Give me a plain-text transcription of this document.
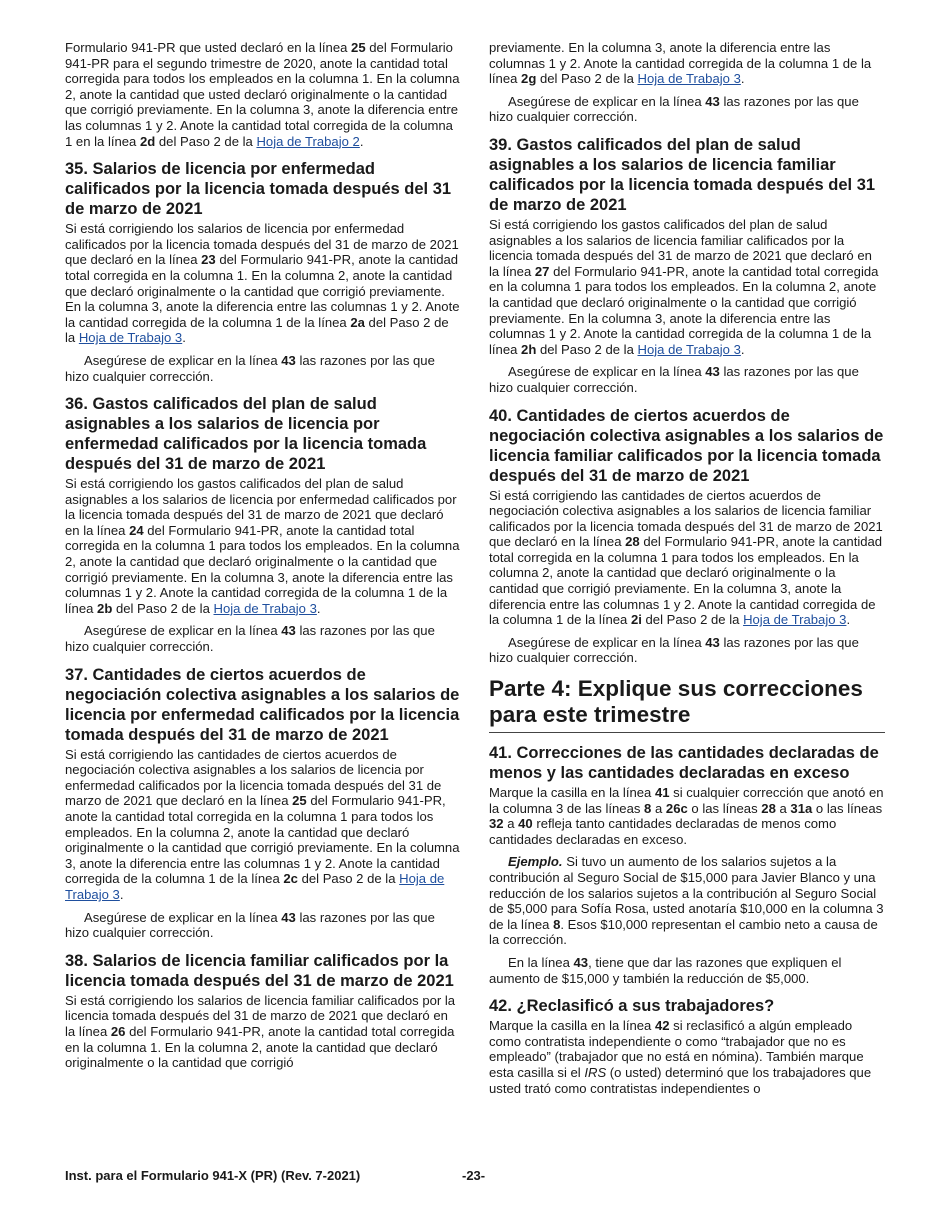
Formulario 941-PR que usted declaró en la línea 25 del Formulario 941-PR para el segundo trimestre de 2020, anote la cantidad total corregida para todos los empleados en la columna 1. En la columna 2, anote la cantidad que usted declaró originalmente o la cantidad que corrigió previamente. En la columna 3, anote la diferencia entre las columnas 1 y 2. Anote la cantidad total corregida de la columna 1 en la línea 2d del Paso 2 de la Hoja de Trabajo 2.

35. Salarios de licencia por enfermedad calificados por la licencia tomada después del 31 de marzo de 2021

Si está corrigiendo los salarios de licencia por enfermedad calificados por la licencia tomada después del 31 de marzo de 2021 que declaró en la línea 23 del Formulario 941-PR, anote la cantidad total corregida en la columna 1. En la columna 2, anote la cantidad que declaró originalmente o la cantidad que corrigió previamente. En la columna 3, anote la diferencia entre las columnas 1 y 2. Anote la cantidad corregida de la columna 1 de la línea 2a del Paso 2 de la Hoja de Trabajo 3.

Asegúrese de explicar en la línea 43 las razones por las que hizo cualquier corrección.

36. Gastos calificados del plan de salud asignables a los salarios de licencia por enfermedad calificados por la licencia tomada después del 31 de marzo de 2021

Si está corrigiendo los gastos calificados del plan de salud asignables a los salarios de licencia por enfermedad calificados por la licencia tomada después del 31 de marzo de 2021 que declaró en la línea 24 del Formulario 941-PR, anote la cantidad total corregida en la columna 1 para todos los empleados. En la columna 2, anote la cantidad que declaró originalmente o la cantidad que corrigió previamente. En la columna 3, anote la diferencia entre las columnas 1 y 2. Anote la cantidad corregida de la columna 1 de la línea 2b del Paso 2 de la Hoja de Trabajo 3.

Asegúrese de explicar en la línea 43 las razones por las que hizo cualquier corrección.

37. Cantidades de ciertos acuerdos de negociación colectiva asignables a los salarios de licencia por enfermedad calificados por la licencia tomada después del 31 de marzo de 2021

Si está corrigiendo las cantidades de ciertos acuerdos de negociación colectiva asignables a los salarios de licencia por enfermedad calificados por la licencia tomada después del 31 de marzo de 2021 que declaró en la línea 25 del Formulario 941-PR, anote la cantidad total corregida en la columna 1 para todos los empleados. En la columna 2, anote la cantidad que declaró originalmente o la cantidad que corrigió previamente. En la columna 3, anote la diferencia entre las columnas 1 y 2. Anote la cantidad corregida de la columna 1 de la línea 2c del Paso 2 de la Hoja de Trabajo 3.

Asegúrese de explicar en la línea 43 las razones por las que hizo cualquier corrección.

38. Salarios de licencia familiar calificados por la licencia tomada después del 31 de marzo de 2021

Si está corrigiendo los salarios de licencia familiar calificados por la licencia tomada después del 31 de marzo de 2021 que declaró en la línea 26 del Formulario 941-PR, anote la cantidad total corregida en la columna 1. En la columna 2, anote la cantidad que declaró originalmente o la cantidad que corrigió

previamente. En la columna 3, anote la diferencia entre las columnas 1 y 2. Anote la cantidad corregida de la columna 1 de la línea 2g del Paso 2 de la Hoja de Trabajo 3.

Asegúrese de explicar en la línea 43 las razones por las que hizo cualquier corrección.

39. Gastos calificados del plan de salud asignables a los salarios de licencia familiar calificados por la licencia tomada después del 31 de marzo de 2021

Si está corrigiendo los gastos calificados del plan de salud asignables a los salarios de licencia familiar calificados por la licencia tomada después del 31 de marzo de 2021 que declaró en la línea 27 del Formulario 941-PR, anote la cantidad total corregida en la columna 1 para todos los empleados. En la columna 2, anote la cantidad que declaró originalmente o la cantidad que corrigió previamente. En la columna 3, anote la diferencia entre las columnas 1 y 2. Anote la cantidad corregida de la columna 1 de la línea 2h del Paso 2 de la Hoja de Trabajo 3.

Asegúrese de explicar en la línea 43 las razones por las que hizo cualquier corrección.

40. Cantidades de ciertos acuerdos de negociación colectiva asignables a los salarios de licencia familiar calificados por la licencia tomada después del 31 de marzo de 2021

Si está corrigiendo las cantidades de ciertos acuerdos de negociación colectiva asignables a los salarios de licencia familiar calificados por la licencia tomada después del 31 de marzo de 2021 que declaró en la línea 28 del Formulario 941-PR, anote la cantidad total corregida en la columna 1 para todos los empleados. En la columna 2, anote la cantidad que declaró originalmente o la cantidad que corrigió previamente. En la columna 3, anote la diferencia entre las columnas 1 y 2. Anote la cantidad corregida de la columna 1 de la línea 2i del Paso 2 de la Hoja de Trabajo 3.

Asegúrese de explicar en la línea 43 las razones por las que hizo cualquier corrección.

Parte 4: Explique sus correcciones para este trimestre
41. Correcciones de las cantidades declaradas de menos y las cantidades declaradas en exceso

Marque la casilla en la línea 41 si cualquier corrección que anotó en la columna 3 de las líneas 8 a 26c o las líneas 28 a 31a o las líneas 32 a 40 refleja tanto cantidades declaradas de menos como cantidades declaradas en exceso.

Ejemplo. Si tuvo un aumento de los salarios sujetos a la contribución al Seguro Social de $15,000 para Javier Blanco y una reducción de los salarios sujetos a la contribución al Seguro Social de $5,000 para Sofía Rosa, usted anotaría $10,000 en la columna 3 de la línea 8. Esos $10,000 representan el cambio neto a causa de la corrección.

En la línea 43, tiene que dar las razones que expliquen el aumento de $15,000 y también la reducción de $5,000.

42. ¿Reclasificó a sus trabajadores?

Marque la casilla en la línea 42 si reclasificó a algún empleado como contratista independiente o como “trabajador que no es empleado” (trabajador que no está en nómina). También marque esta casilla si el IRS (o usted) determinó que los trabajadores que usted trató como contratistas independientes o

Inst. para el Formulario 941-X (PR) (Rev. 7-2021)	-23-
